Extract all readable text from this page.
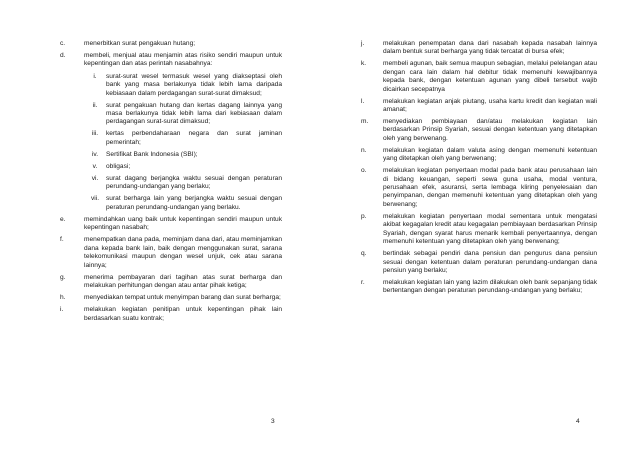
c.	menerbitkan surat pengakuan hutang;
d.	membeli, menjual atau menjamin atas risiko sendiri maupun untuk kepentingan dan atas perintah nasabahnya:
i.	surat-surat wesel termasuk wesel yang diakseptasi oleh bank yang masa berlakunya tidak lebih lama daripada kebiasaan dalam perdagangan surat-surat dimaksud;
ii.	surat pengakuan hutang dan kertas dagang lainnya yang masa berlakunya tidak lebih lama dari kebiasaan dalam perdagangan surat-surat dimaksud;
iii.	kertas perbendaharaan negara dan surat jaminan pemerintah;
iv.	Sertifikat Bank Indonesia (SBI);
v.	obligasi;
vi.	surat dagang berjangka waktu sesuai dengan peraturan perundang-undangan yang berlaku;
vii.	surat berharga lain yang berjangka waktu sesuai dengan peraturan perundang-undangan yang berlaku.
e.	memindahkan uang baik untuk kepentingan sendiri maupun untuk kepentingan nasabah;
f.	menempatkan dana pada, meminjam dana dari, atau meminjamkan dana kepada bank lain, baik dengan menggunakan surat, sarana telekomunikasi maupun dengan wesel unjuk, cek atau sarana lainnya;
g.	menerima pembayaran dari tagihan atas surat berharga dan melakukan perhitungan dengan atau antar pihak ketiga;
h.	menyediakan tempat untuk menyimpan barang dan surat berharga;
i.	melakukan kegiatan penitipan untuk kepentingan pihak lain berdasarkan suatu kontrak;
3
j.	melakukan penempatan dana dari nasabah kepada nasabah lainnya dalam bentuk surat berharga yang tidak tercatat di bursa efek;
k.	membeli agunan, baik semua maupun sebagian, melalui pelelangan atau dengan cara lain dalam hal debitur tidak memenuhi kewajibannya kepada bank, dengan ketentuan agunan yang dibeli tersebut wajib dicairkan secepatnya
l.	melakukan kegiatan anjak piutang, usaha kartu kredit dan kegiatan wali amanat;
m.	menyediakan pembiayaan dan/atau melakukan kegiatan lain berdasarkan Prinsip Syariah, sesuai dengan ketentuan yang ditetapkan oleh yang berwenang.
n.	melakukan kegiatan dalam valuta asing dengan memenuhi ketentuan yang ditetapkan oleh yang berwenang;
o.	melakukan kegiatan penyertaan modal pada bank atau perusahaan lain di bidang keuangan, seperti sewa guna usaha, modal ventura, perusahaan efek, asuransi, serta lembaga kliring penyelesaian dan penyimpanan, dengan memenuhi ketentuan yang ditetapkan oleh yang berwenang;
p.	melakukan kegiatan penyertaan modal sementara untuk mengatasi akibat kegagalan kredit atau kegagalan pembiayaan berdasarkan Prinsip Syariah, dengan syarat harus menarik kembali penyertaannya, dengan memenuhi ketentuan yang ditetapkan oleh yang berwenang;
q.	bertindak sebagai pendiri dana pensiun dan pengurus dana pensiun sesuai dengan ketentuan dalam peraturan perundang-undangan dana pensiun yang berlaku;
r.	melakukan kegiatan lain yang lazim dilakukan oleh bank sepanjang tidak bertentangan dengan peraturan perundang-undangan yang berlaku;
4
